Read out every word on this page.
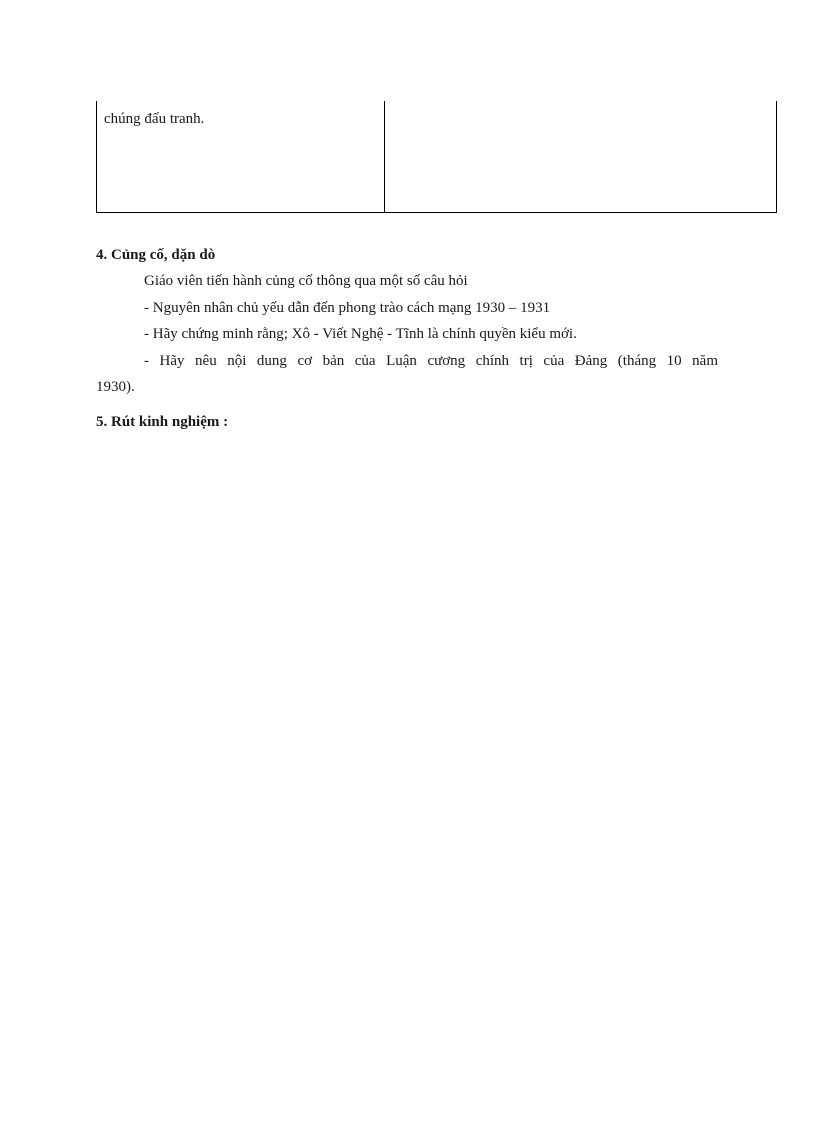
chúng đấu tranh.
4. Củng cố, dặn dò
Giáo viên tiến hành củng cố thông qua một số câu hỏi
- Nguyên nhân chủ yếu dẫn đến phong trào cách mạng 1930 – 1931
- Hãy chứng minh rằng; Xô - Viết Nghệ - Tĩnh là chính quyền kiểu mới.
- Hãy nêu nội dung cơ bản của Luận cương chính trị của Đảng (tháng 10 năm
1930).
5. Rút kinh nghiệm :
